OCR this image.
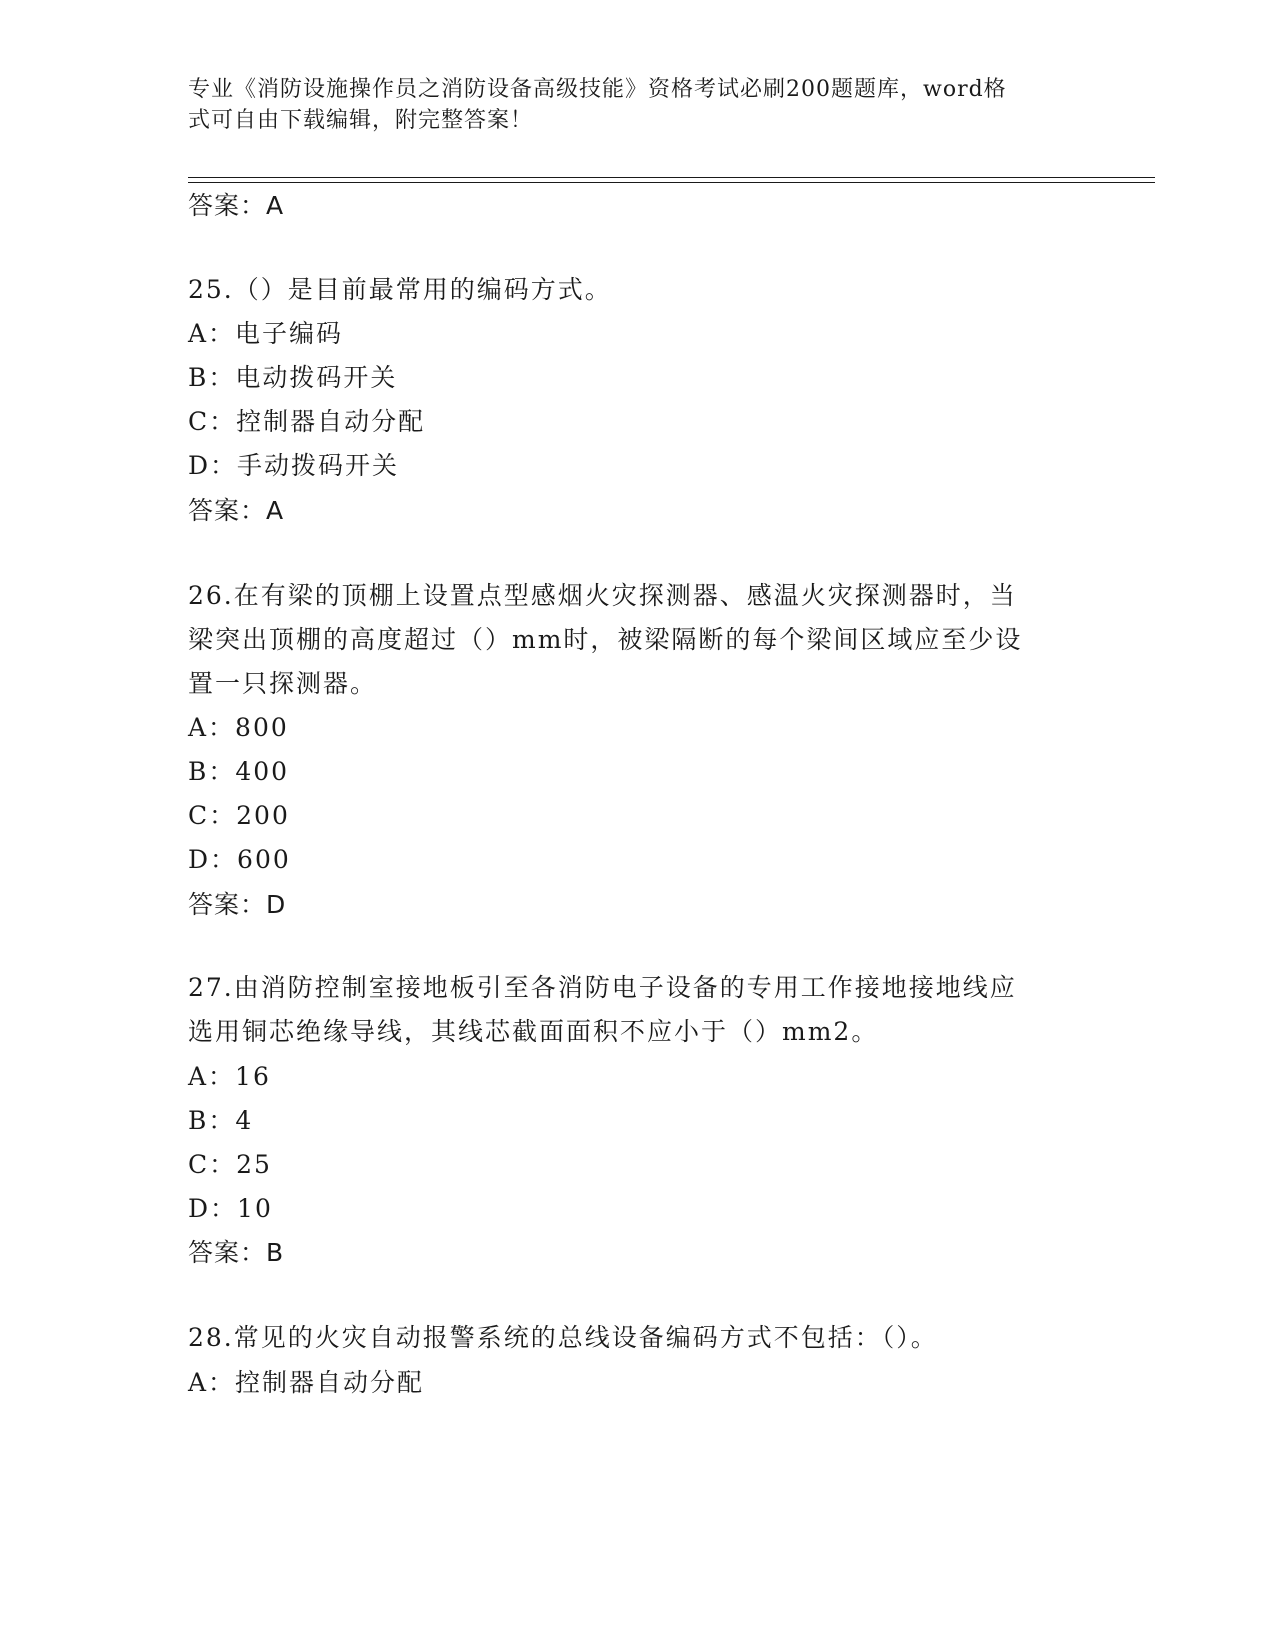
专业《消防设施操作员之消防设备高级技能》资格考试必刷200题题库，word格
式可自由下载编辑，附完整答案！
答案：A
25.（）是目前最常用的编码方式。
A：电子编码
B：电动拨码开关
C：控制器自动分配
D：手动拨码开关
答案：A
26.在有梁的顶棚上设置点型感烟火灾探测器、感温火灾探测器时，当
梁突出顶棚的高度超过（）mm时，被梁隔断的每个梁间区域应至少设
置一只探测器。
A：800
B：400
C：200
D：600
答案：D
27.由消防控制室接地板引至各消防电子设备的专用工作接地接地线应
选用铜芯绝缘导线，其线芯截面面积不应小于（）mm2。
A：16
B：4
C：25
D：10
答案：B
28.常见的火灾自动报警系统的总线设备编码方式不包括：（）。
A：控制器自动分配
